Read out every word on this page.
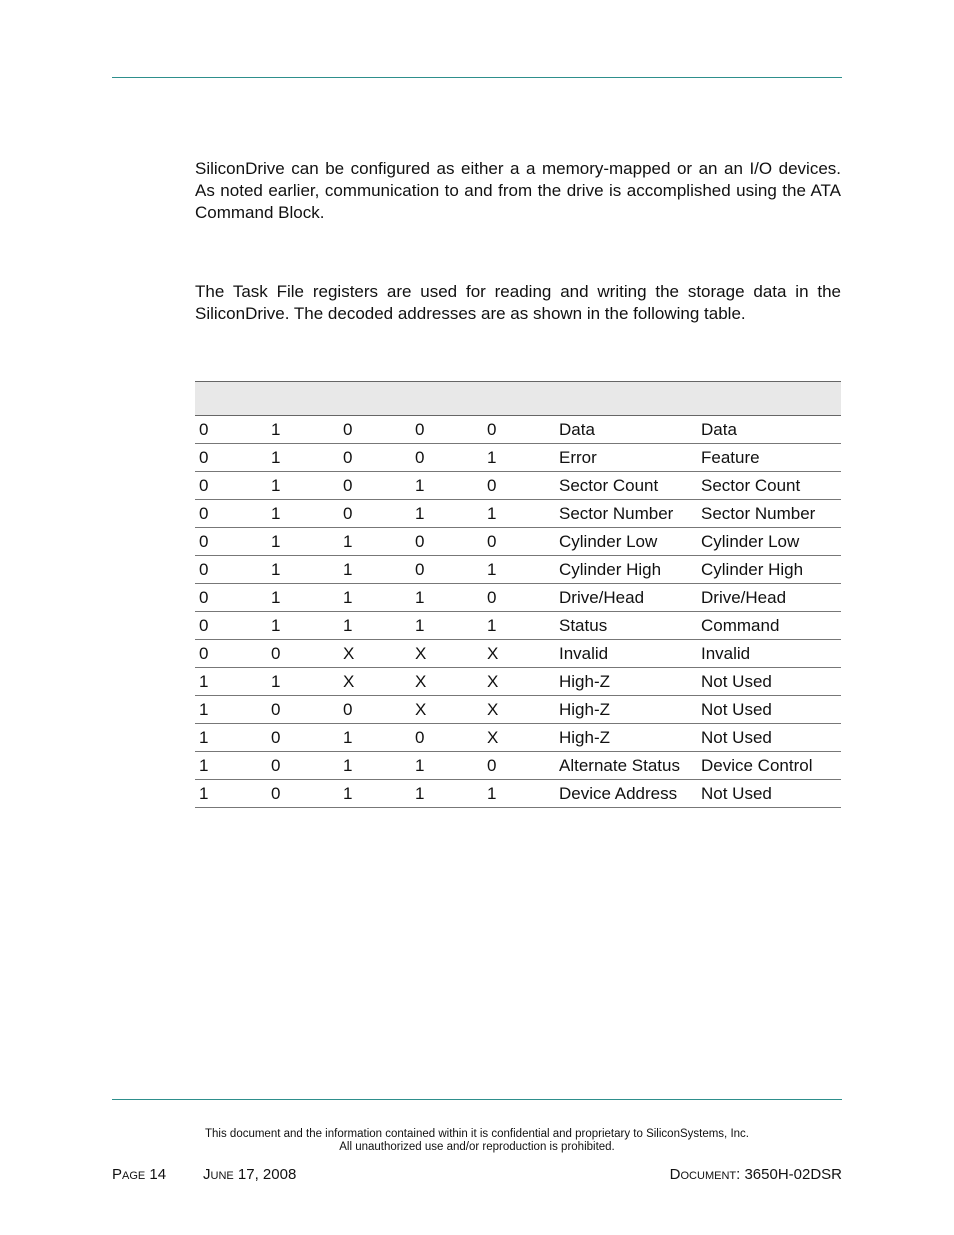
SiliconDrive can be configured as either a a memory-mapped or an an I/O devices. As noted earlier, communication to and from the drive is accomplished using the ATA Command Block.

The Task File registers are used for reading and writing the storage data in the SiliconDrive. The decoded addresses are as shown in the following table.

0	1	0	0	0	Data	Data
0	1	0	0	1	Error	Feature
0	1	0	1	0	Sector Count	Sector Count
0	1	0	1	1	Sector Number	Sector Number
0	1	1	0	0	Cylinder Low	Cylinder Low
0	1	1	0	1	Cylinder High	Cylinder High
0	1	1	1	0	Drive/Head	Drive/Head
0	1	1	1	1	Status	Command
0	0	X	X	X	Invalid	Invalid
1	1	X	X	X	High-Z	Not Used
1	0	0	X	X	High-Z	Not Used
1	0	1	0	X	High-Z	Not Used
1	0	1	1	0	Alternate Status	Device Control
1	0	1	1	1	Device Address	Not Used
This document and the information contained within it is confidential and proprietary to SiliconSystems, Inc.
All unauthorized use and/or reproduction is prohibited.
Page 14 June 17, 2008	Document: 3650H-02DSR
